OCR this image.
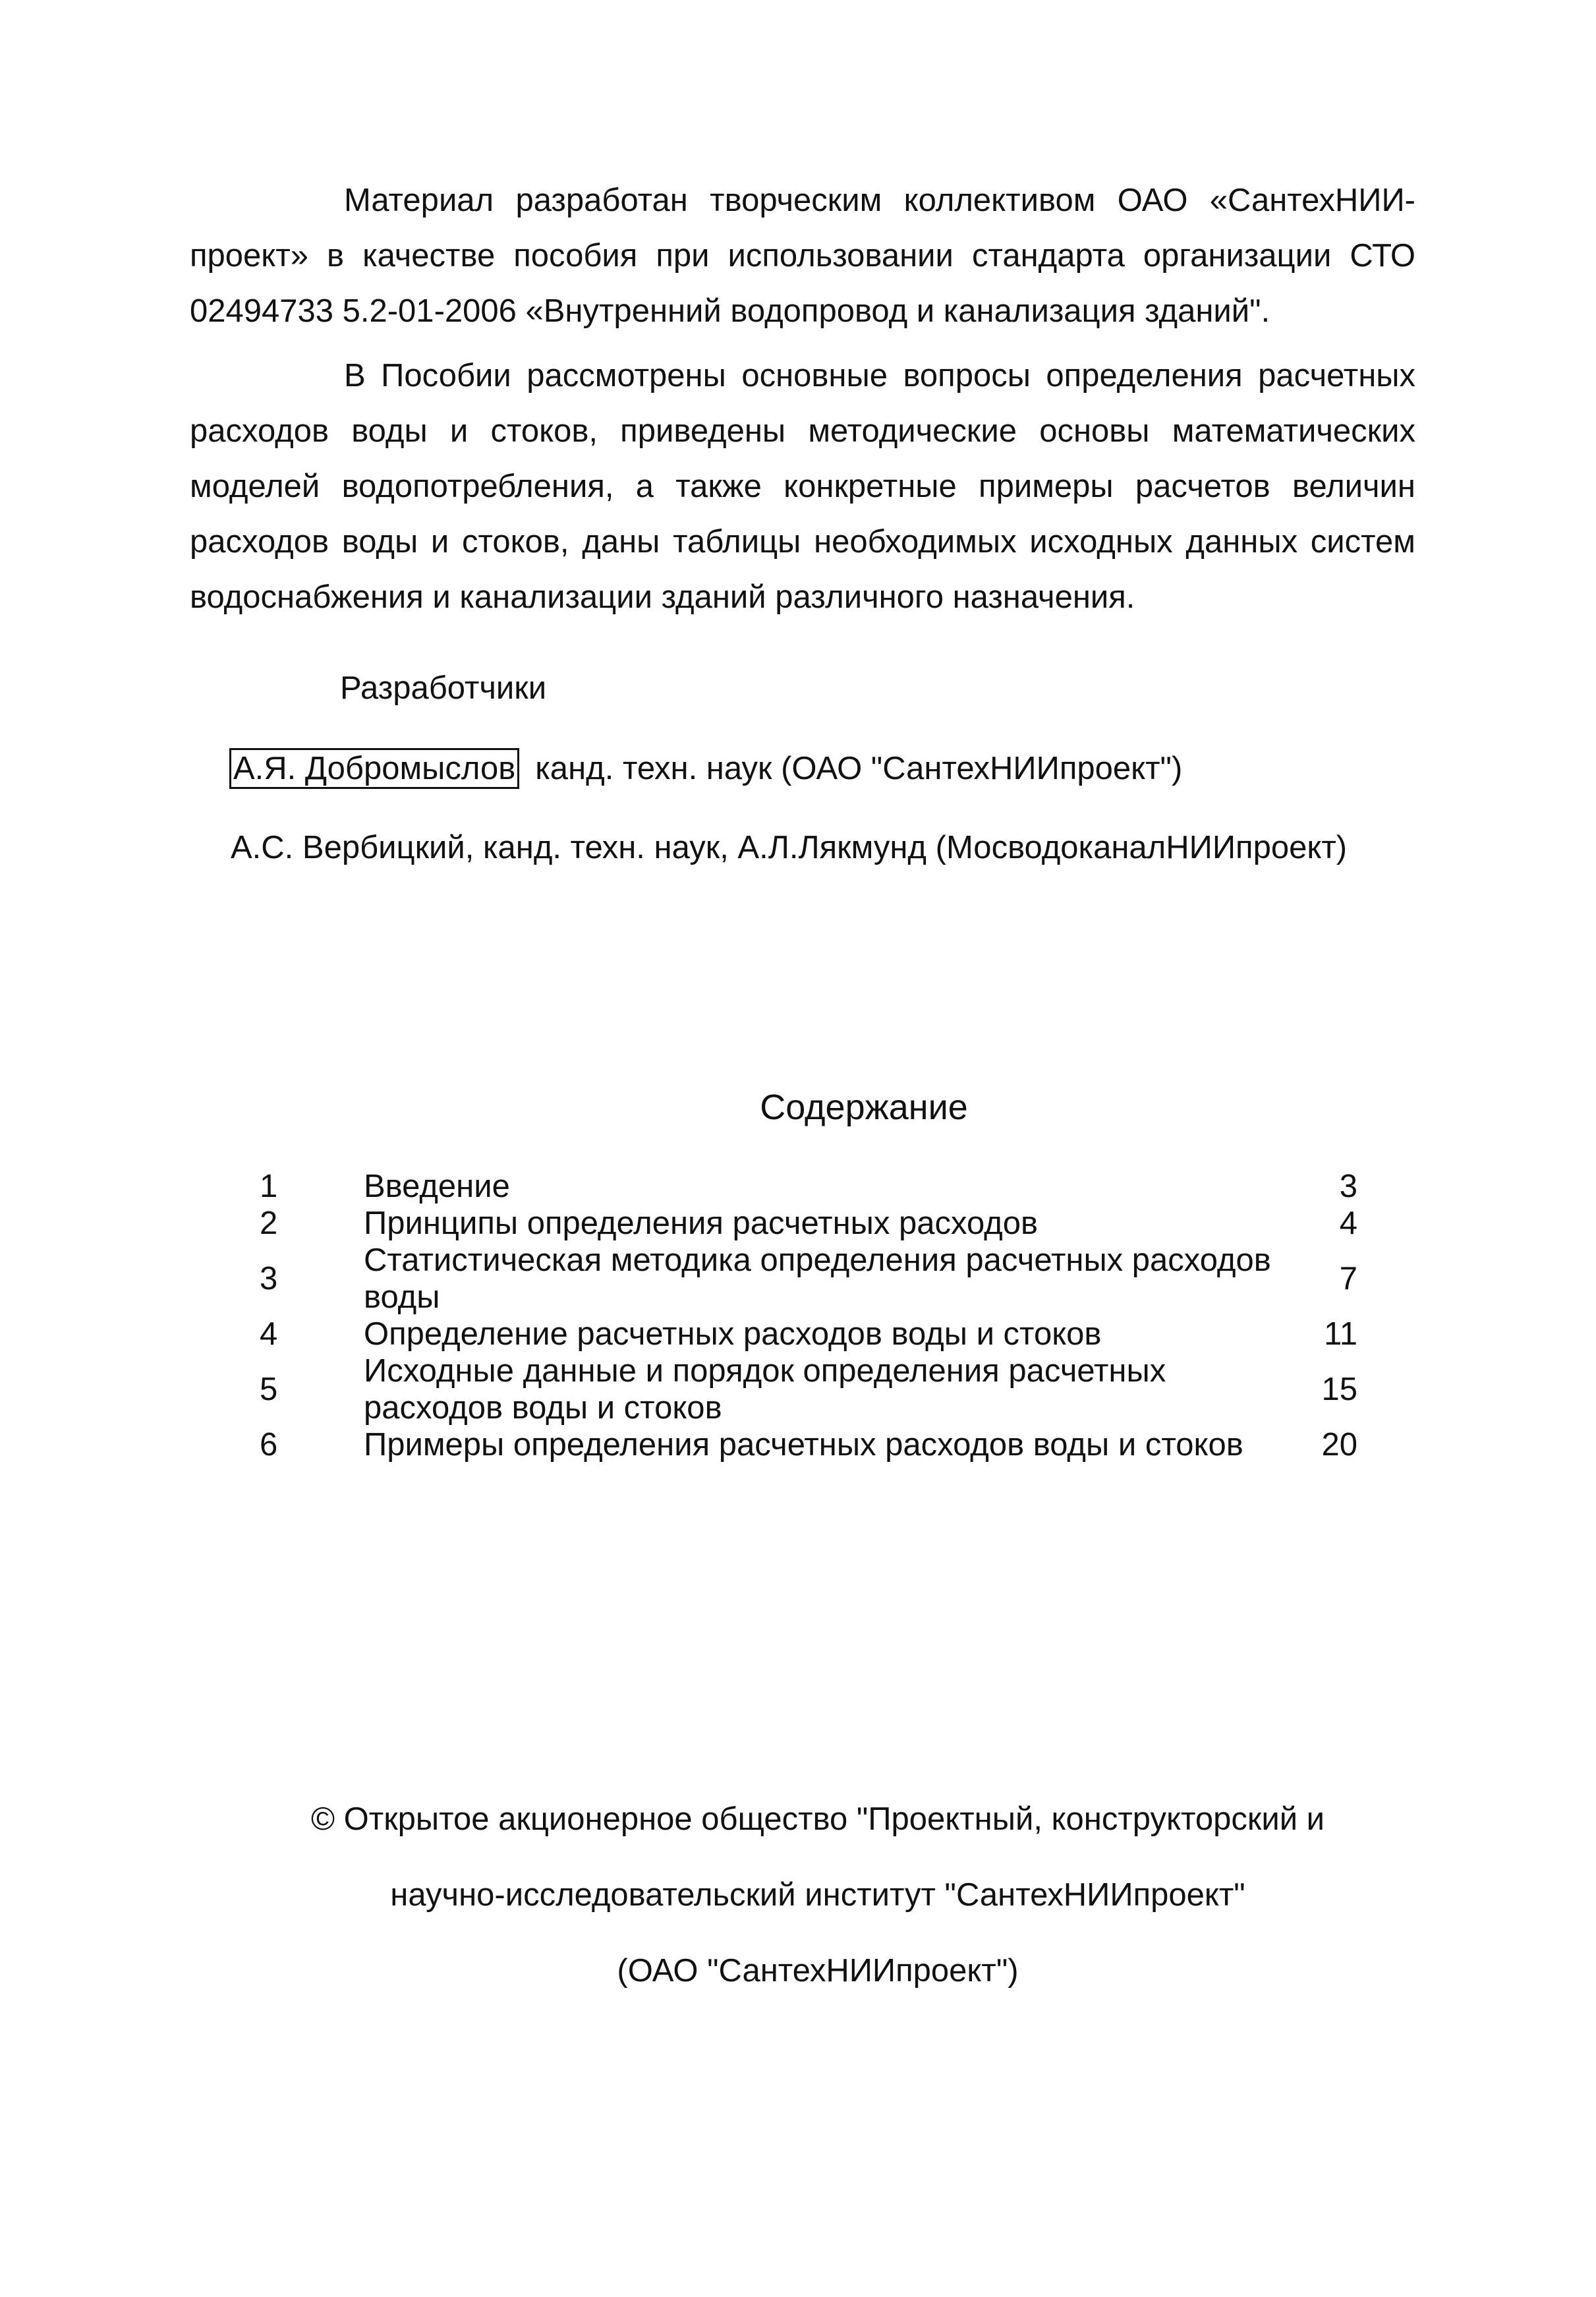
Материал разработан творческим коллективом ОАО «СантехНИИ-проект» в качестве пособия при использовании стандарта организации СТО 02494733 5.2-01-2006 «Внутренний водопровод и канализация зданий".

В Пособии рассмотрены основные вопросы определения расчетных расходов воды и стоков, приведены методические основы математических моделей водопотребления, а также конкретные примеры расчетов величин расходов воды и стоков, даны таблицы необходимых исходных данных систем водоснабжения и канализации зданий различного назначения.

Разработчики
А.Я. Добромыслов канд. техн. наук (ОАО "СантехНИИпроект")
А.С. Вербицкий, канд. техн. наук, А.Л.Лякмунд (МосводоканалНИИпроект)
Содержание
1	Введение	3
2	Принципы определения расчетных расходов	4
3	Статистическая методика определения расчетных расходов воды	7
4	Определение расчетных расходов воды и стоков	11
5	Исходные данные и порядок определения расчетных расходов воды и стоков	15
6	Примеры определения расчетных расходов воды и стоков	20
© Открытое акционерное общество "Проектный, конструкторский и
научно-исследовательский институт "СантехНИИпроект"
(ОАО "СантехНИИпроект")
